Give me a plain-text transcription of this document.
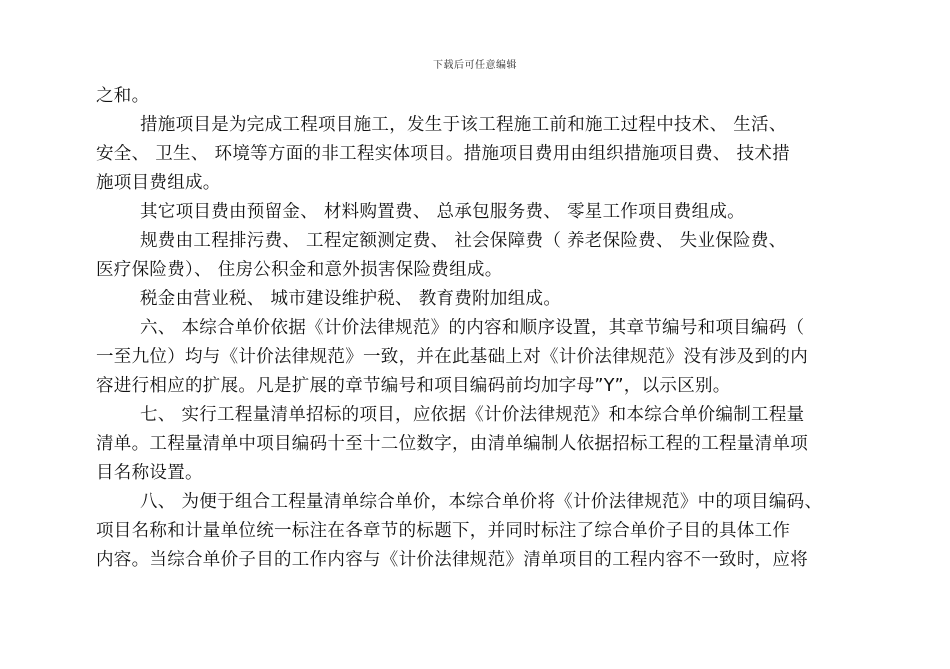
下载后可任意编辑
之和。
措施项目是为完成工程项目施工，发生于该工程施工前和施工过程中技术、 生活、
安全、 卫生、 环境等方面的非工程实体项目。措施项目费用由组织措施项目费、 技术措
施项目费组成。
其它项目费由预留金、 材料购置费、 总承包服务费、 零星工作项目费组成。
规费由工程排污费、 工程定额测定费、 社会保障费（ 养老保险费、 失业保险费、
医疗保险费）、 住房公积金和意外损害保险费组成。
税金由营业税、 城市建设维护税、 教育费附加组成。
六、 本综合单价依据《计价法律规范》的内容和顺序设置，其章节编号和项目编码（
一至九位）均与《计价法律规范》一致，并在此基础上对《计价法律规范》没有涉及到的内
容进行相应的扩展。凡是扩展的章节编号和项目编码前均加字母”Y”，以示区别。
七、 实行工程量清单招标的项目，应依据《计价法律规范》和本综合单价编制工程量
清单。工程量清单中项目编码十至十二位数字，由清单编制人依据招标工程的工程量清单项
目名称设置。
八、 为便于组合工程量清单综合单价，本综合单价将《计价法律规范》中的项目编码、
项目名称和计量单位统一标注在各章节的标题下，并同时标注了综合单价子目的具体工作
内容。当综合单价子目的工作内容与《计价法律规范》清单项目的工程内容不一致时，应将
